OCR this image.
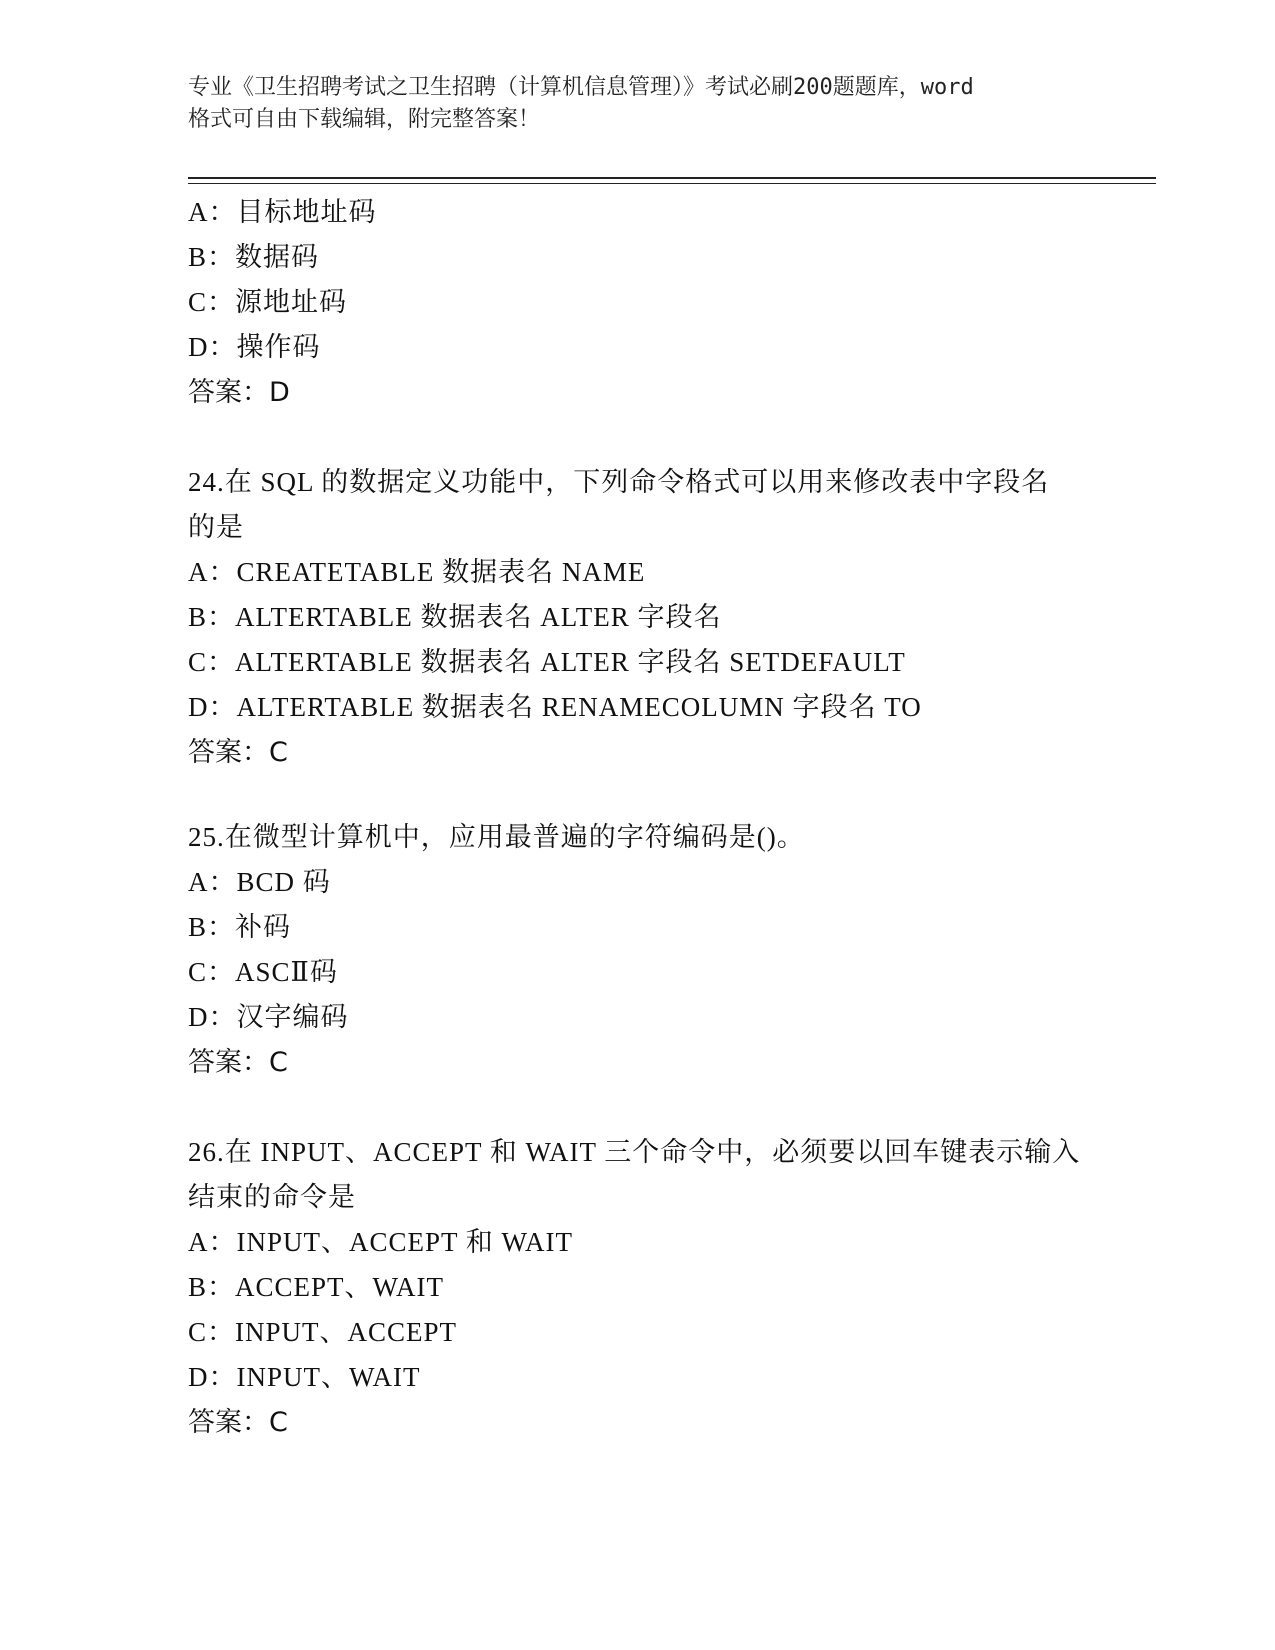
专业《卫生招聘考试之卫生招聘（计算机信息管理）》考试必刷200题题库，word
格式可自由下载编辑，附完整答案！
A：目标地址码
B：数据码
C：源地址码
D：操作码
答案：D
24.在 SQL 的数据定义功能中，下列命令格式可以用来修改表中字段名
的是
A：CREATETABLE 数据表名 NAME
B：ALTERTABLE 数据表名 ALTER 字段名
C：ALTERTABLE 数据表名 ALTER 字段名 SETDEFAULT
D：ALTERTABLE 数据表名 RENAMECOLUMN 字段名 TO
答案：C
25.在微型计算机中，应用最普遍的字符编码是()。
A：BCD 码
B：补码
C：ASCⅡ码
D：汉字编码
答案：C
26.在 INPUT、ACCEPT 和 WAIT 三个命令中，必须要以回车键表示输入
结束的命令是
A：INPUT、ACCEPT 和 WAIT
B：ACCEPT、WAIT
C：INPUT、ACCEPT
D：INPUT、WAIT
答案：C
